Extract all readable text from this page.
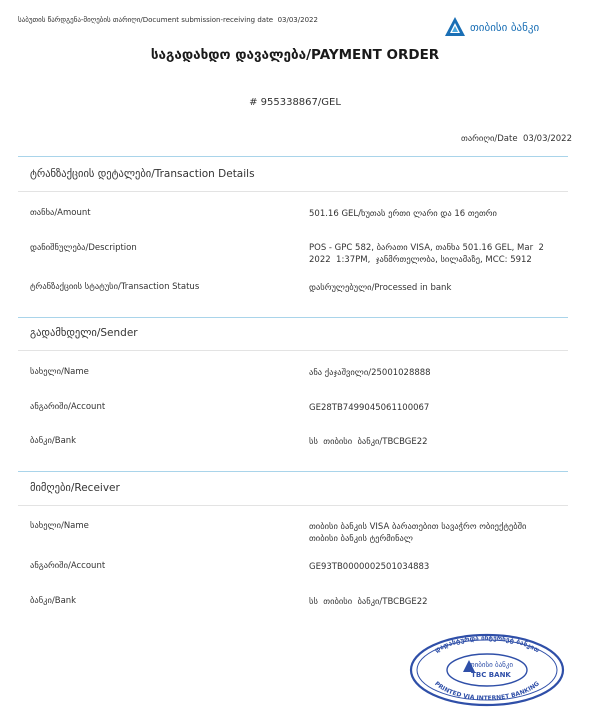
საბუთის წარდგენა-მიღების თარიღი/Document submission-receiving date 03/03/2022
თიბისი ბანკი
საგადახდო დავალება/PAYMENT ORDER
# 955338867/GEL
თარიღი/Date 03/03/2022
ტრანზაქციის დეტალები/Transaction Details
თანხა/Amount	501.16 GEL/ხუთას ერთი ლარი და 16 თეთრი
დანიშნულება/Description	POS - GPC 582, ბარათი VISA, თანხა 501.16 GEL, Mar  2
2022  1:37PM,  ჯანმრთელობა, სილამაზე, MCC: 5912
ტრანზაქციის სტატუსი/Transaction Status	დასრულებული/Processed in bank
გადამხდელი/Sender
სახელი/Name	ანა ქაჯაშვილი/25001028888
ანგარიში/Account	GE28TB7499045061100067
ბანკი/Bank	სს  თიბისი  ბანკი/TBCBGE22
მიმღები/Receiver
სახელი/Name	თიბისი ბანკის VISA ბარათებით სავაჭრო ობიექტებში
თიბისი ბანკის ტერმინალ
ანგარიში/Account	GE93TB0000002501034883
ბანკი/Bank	სს  თიბისი  ბანკი/TBCBGE22
დადასტურდა ინტერნეტ ბანკით
PRINTED VIA INTERNET BANKING
თიბისი ბანკი
TBC BANK
